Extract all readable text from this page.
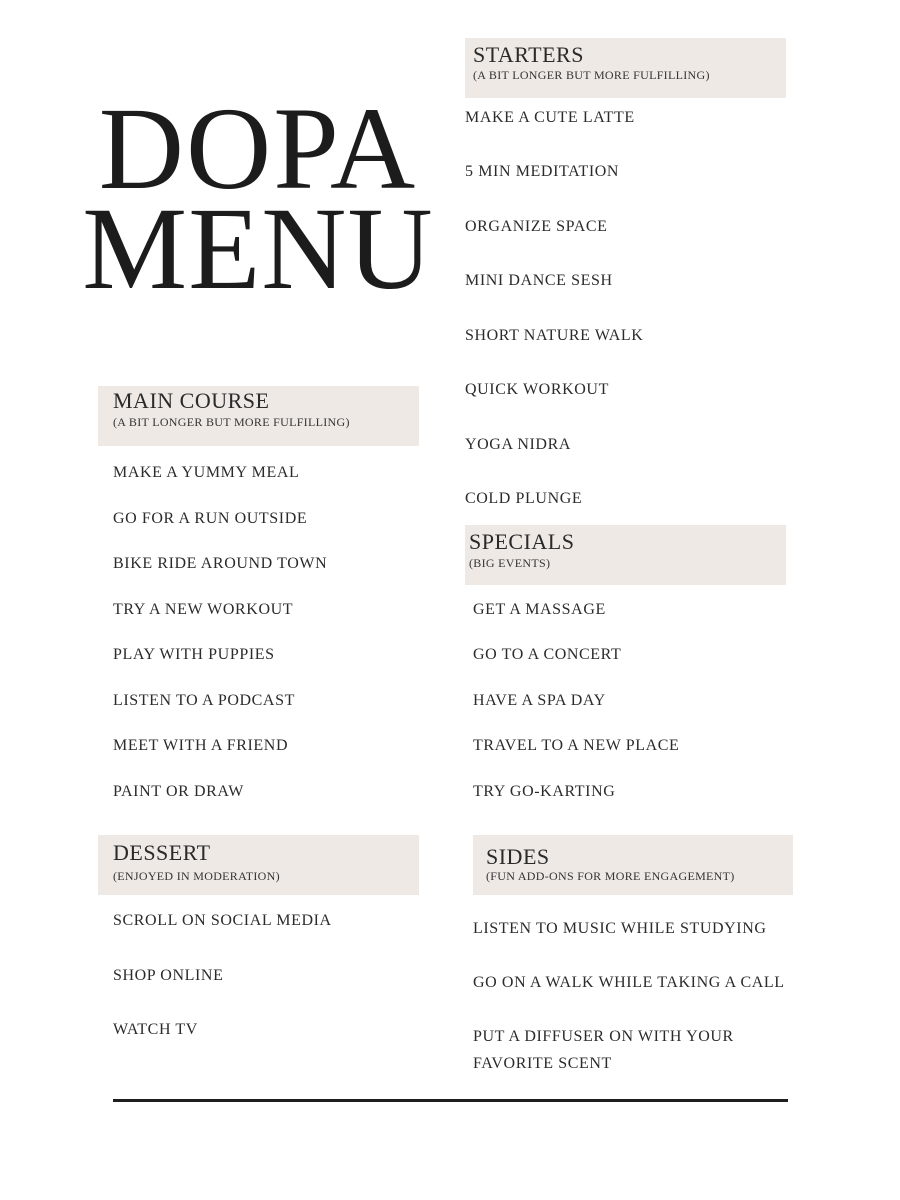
DOPA
MENU
STARTERS
(A BIT LONGER BUT MORE FULFILLING)
MAKE A CUTE LATTE
5 MIN MEDITATION
ORGANIZE SPACE
MINI DANCE SESH
SHORT NATURE WALK
QUICK WORKOUT
YOGA NIDRA
COLD PLUNGE
MAIN COURSE
(A BIT LONGER BUT MORE FULFILLING)
MAKE A YUMMY MEAL
GO FOR A RUN OUTSIDE
BIKE RIDE AROUND TOWN
TRY A NEW WORKOUT
PLAY WITH PUPPIES
LISTEN TO A PODCAST
MEET WITH A FRIEND
PAINT OR DRAW
SPECIALS
(BIG EVENTS)
GET A MASSAGE
GO TO A CONCERT
HAVE A SPA DAY
TRAVEL TO A NEW PLACE
TRY GO-KARTING
DESSERT
(ENJOYED IN MODERATION)
SCROLL ON SOCIAL MEDIA
SHOP ONLINE
WATCH TV
SIDES
(FUN ADD-ONS FOR MORE ENGAGEMENT)
LISTEN TO MUSIC WHILE STUDYING
GO ON A WALK WHILE TAKING A CALL
PUT A DIFFUSER ON WITH YOUR FAVORITE SCENT
